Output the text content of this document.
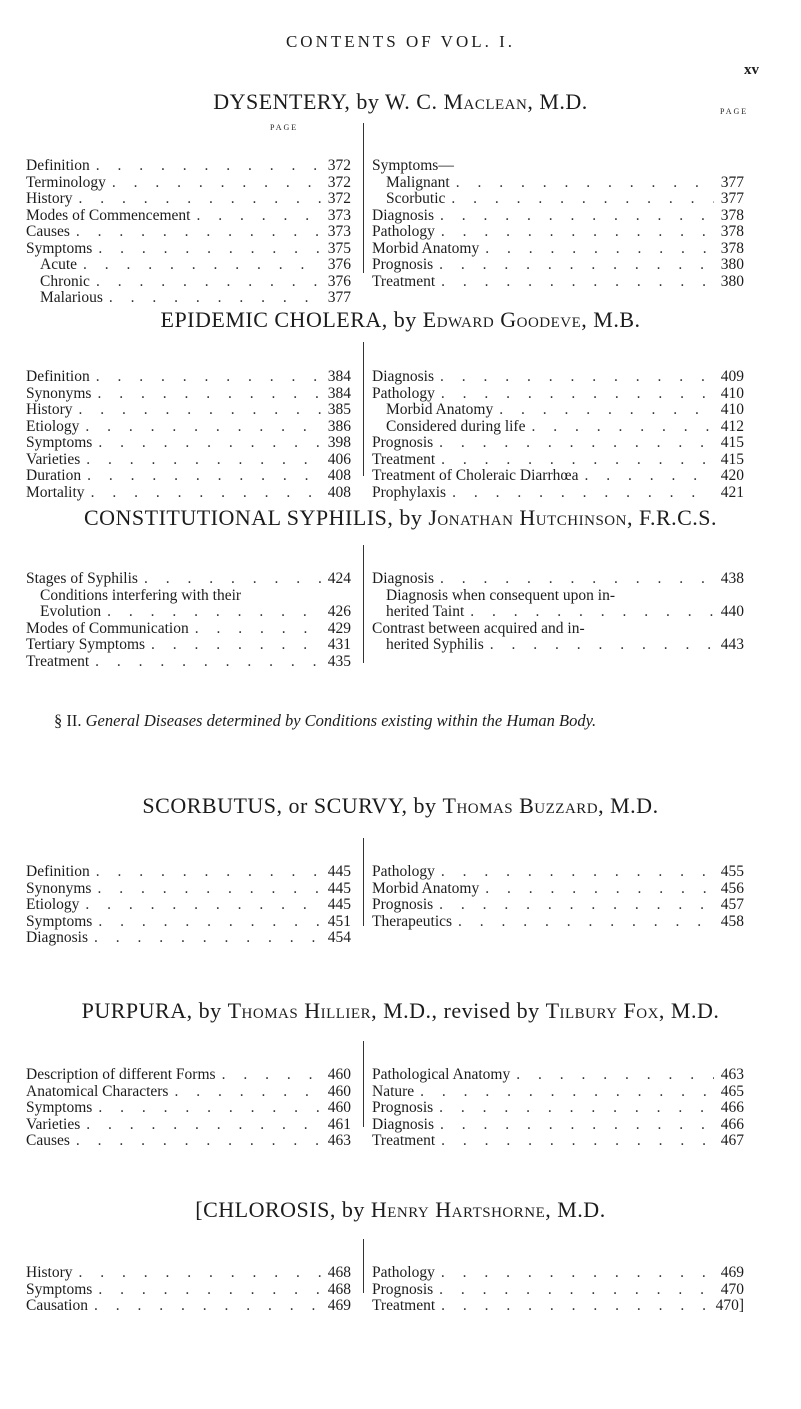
CONTENTS OF VOL. I.
xv
DYSENTERY, by W. C. Maclean, M.D.
PAGE
PAGE
Definition . . .	372
Terminology . . .	372
History . . .	372
Modes of Commencement . . .	373
Causes . . .	373
Symptoms . . .	375
Acute . . .	376
Chronic . . .	376
Malarious . . .	377
Symptoms—
Malignant . . .	377
Scorbutic . . .	377
Diagnosis . . .	378
Pathology . . .	378
Morbid Anatomy . . .	378
Prognosis . . .	380
Treatment . . .	380
EPIDEMIC CHOLERA, by Edward Goodeve, M.B.
Definition . . .	384
Synonyms . . .	384
History . . .	385
Etiology . . .	386
Symptoms . . .	398
Varieties . . .	406
Duration . . .	408
Mortality . . .	408
Diagnosis . . .	409
Pathology . . .	410
Morbid Anatomy . . .	410
Considered during life . . .	412
Prognosis . . .	415
Treatment . . .	415
Treatment of Choleraic Diarrhœa . . .	420
Prophylaxis . . .	421
CONSTITUTIONAL SYPHILIS, by Jonathan Hutchinson, F.R.C.S.
Stages of Syphilis . . .	424
Conditions interfering with their
Evolution . . .	426
Modes of Communication . . .	429
Tertiary Symptoms . . .	431
Treatment . . .	435
Diagnosis . . .	438
Diagnosis when consequent upon in-
herited Taint . . .	440
Contrast between acquired and in-
herited Syphilis . . .	443
§ II. General Diseases determined by Conditions existing within the Human Body.
SCORBUTUS, or SCURVY, by Thomas Buzzard, M.D.
Definition . . .	445
Synonyms . . .	445
Etiology . . .	445
Symptoms . . .	451
Diagnosis . . .	454
Pathology . . .	455
Morbid Anatomy . . .	456
Prognosis . . .	457
Therapeutics . . .	458
PURPURA, by Thomas Hillier, M.D., revised by Tilbury Fox, M.D.
Description of different Forms . . .	460
Anatomical Characters . . .	460
Symptoms . . .	460
Varieties . . .	461
Causes . . .	463
Pathological Anatomy . . .	463
Nature . . .	465
Prognosis . . .	466
Diagnosis . . .	466
Treatment . . .	467
[CHLOROSIS, by Henry Hartshorne, M.D.
History . . .	468
Symptoms . . .	468
Causation . . .	469
Pathology . . .	469
Prognosis . . .	470
Treatment . . .	470]
